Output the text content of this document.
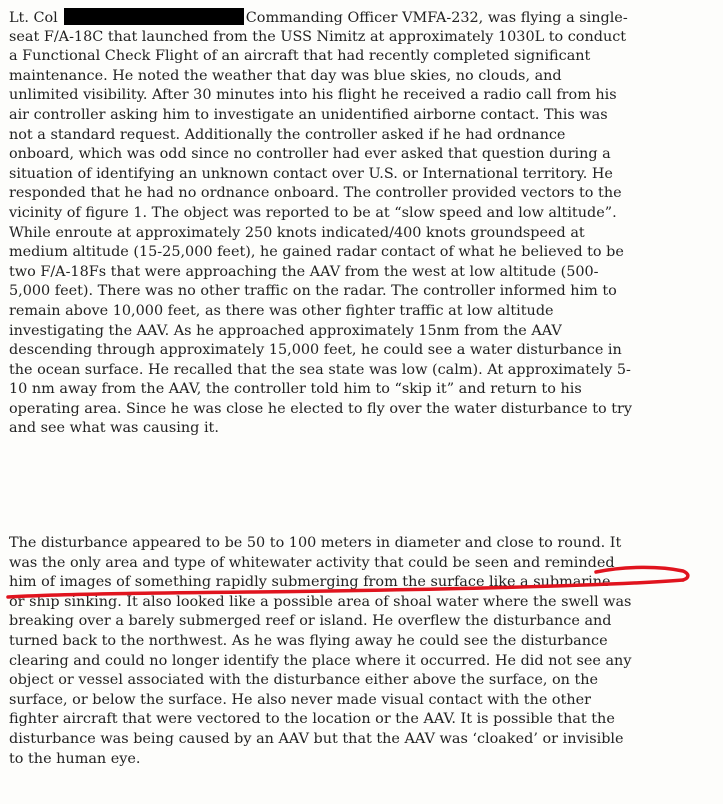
Lt. Col	Commanding Officer VMFA-232, was flying a single-
seat F/A-18C that launched from the USS Nimitz at approximately 1030L to conduct
a Functional Check Flight of an aircraft that had recently completed significant
maintenance. He noted the weather that day was blue skies, no clouds, and
unlimited visibility. After 30 minutes into his flight he received a radio call from his
air controller asking him to investigate an unidentified airborne contact. This was
not a standard request. Additionally the controller asked if he had ordnance
onboard, which was odd since no controller had ever asked that question during a
situation of identifying an unknown contact over U.S. or International territory. He
responded that he had no ordnance onboard. The controller provided vectors to the
vicinity of figure 1. The object was reported to be at “slow speed and low altitude”.
While enroute at approximately 250 knots indicated/400 knots groundspeed at
medium altitude (15-25,000 feet), he gained radar contact of what he believed to be
two F/A-18Fs that were approaching the AAV from the west at low altitude (500-
5,000 feet). There was no other traffic on the radar. The controller informed him to
remain above 10,000 feet, as there was other fighter traffic at low altitude
investigating the AAV. As he approached approximately 15nm from the AAV
descending through approximately 15,000 feet, he could see a water disturbance in
the ocean surface. He recalled that the sea state was low (calm). At approximately 5-
10 nm away from the AAV, the controller told him to “skip it” and return to his
operating area. Since he was close he elected to fly over the water disturbance to try
and see what was causing it.
The disturbance appeared to be 50 to 100 meters in diameter and close to round. It
was the only area and type of whitewater activity that could be seen and reminded
him of images of something rapidly submerging from the surface like a submarine
or ship sinking. It also looked like a possible area of shoal water where the swell was
breaking over a barely submerged reef or island. He overflew the disturbance and
turned back to the northwest. As he was flying away he could see the disturbance
clearing and could no longer identify the place where it occurred. He did not see any
object or vessel associated with the disturbance either above the surface, on the
surface, or below the surface. He also never made visual contact with the other
fighter aircraft that were vectored to the location or the AAV. It is possible that the
disturbance was being caused by an AAV but that the AAV was ‘cloaked’ or invisible
to the human eye.
